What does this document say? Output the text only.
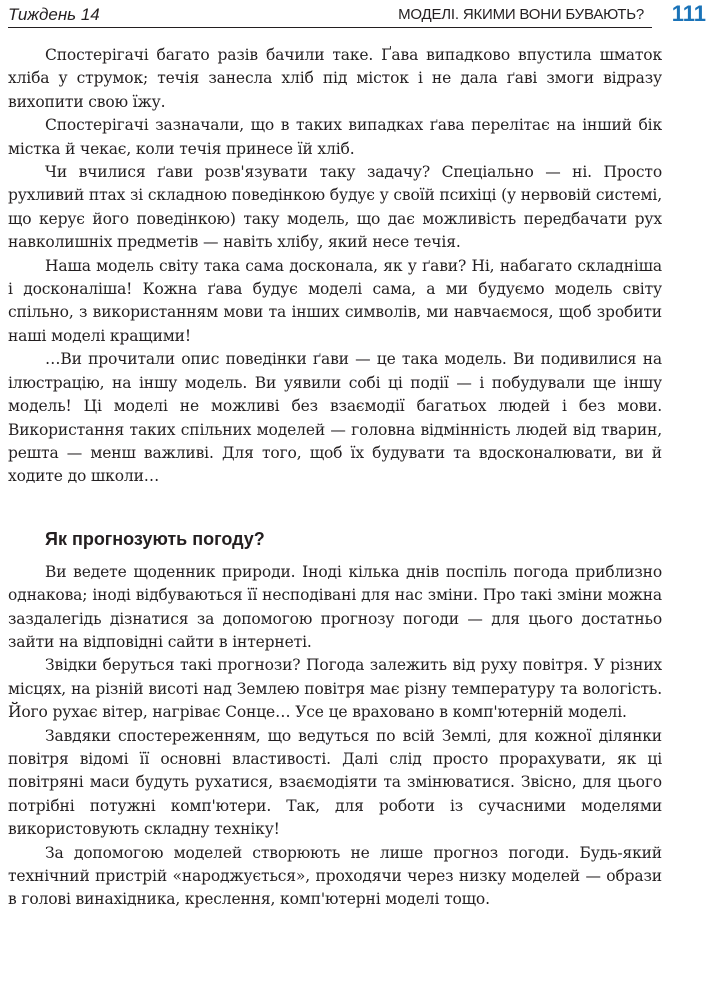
Тиждень 14	МОДЕЛІ. ЯКИМИ ВОНИ БУВАЮТЬ? 111

Спостерігачі багато разів бачили таке. Ґава випадково впустила шматок хліба у струмок; течія занесла хліб під місток і не дала ґаві змоги відразу вихопити свою їжу.

Спостерігачі зазначали, що в таких випадках ґава перелітає на інший бік містка й чекає, коли течія принесе їй хліб.

Чи вчилися ґави розв'язувати таку задачу? Спеціально — ні. Просто рухливий птах зі складною поведінкою будує у своїй психіці (у нервовій системі, що керує його поведінкою) таку модель, що дає можливість передбачати рух навколишніх предметів — навіть хлібу, який несе течія.

Наша модель світу така сама досконала, як у ґави? Ні, набагато складніша і досконаліша! Кожна ґава будує моделі сама, а ми будуємо модель світу спільно, з використанням мови та інших символів, ми навчаємося, щоб зробити наші моделі кращими!

…Ви прочитали опис поведінки ґави — це така модель. Ви подивилися на ілюстрацію, на іншу модель. Ви уявили собі ці події — і побудували ще іншу модель! Ці моделі не можливі без взаємодії багатьох людей і без мови. Використання таких спільних моделей — головна відмінність людей від тварин, решта — менш важливі. Для того, щоб їх будувати та вдосконалювати, ви й ходите до школи…

Як прогнозують погоду?

Ви ведете щоденник природи. Іноді кілька днів поспіль погода приблизно однакова; іноді відбуваються її несподівані для нас зміни. Про такі зміни можна заздалегідь дізнатися за допомогою прогнозу погоди — для цього достатньо зайти на відповідні сайти в інтернеті.

Звідки беруться такі прогнози? Погода залежить від руху повітря. У різних місцях, на різній висоті над Землею повітря має різну температуру та вологість. Його рухає вітер, нагріває Сонце… Усе це враховано в комп'ютерній моделі.

Завдяки спостереженням, що ведуться по всій Землі, для кожної ділянки повітря відомі її основні властивості. Далі слід просто прорахувати, як ці повітряні маси будуть рухатися, взаємодіяти та змінюватися. Звісно, для цього потрібні потужні комп'ютери. Так, для роботи із сучасними моделями використовують складну техніку!

За допомогою моделей створюють не лише прогноз погоди. Будь-який технічний пристрій «народжується», проходячи через низку моделей — образи в голові винахідника, креслення, комп'ютерні моделі тощо.
